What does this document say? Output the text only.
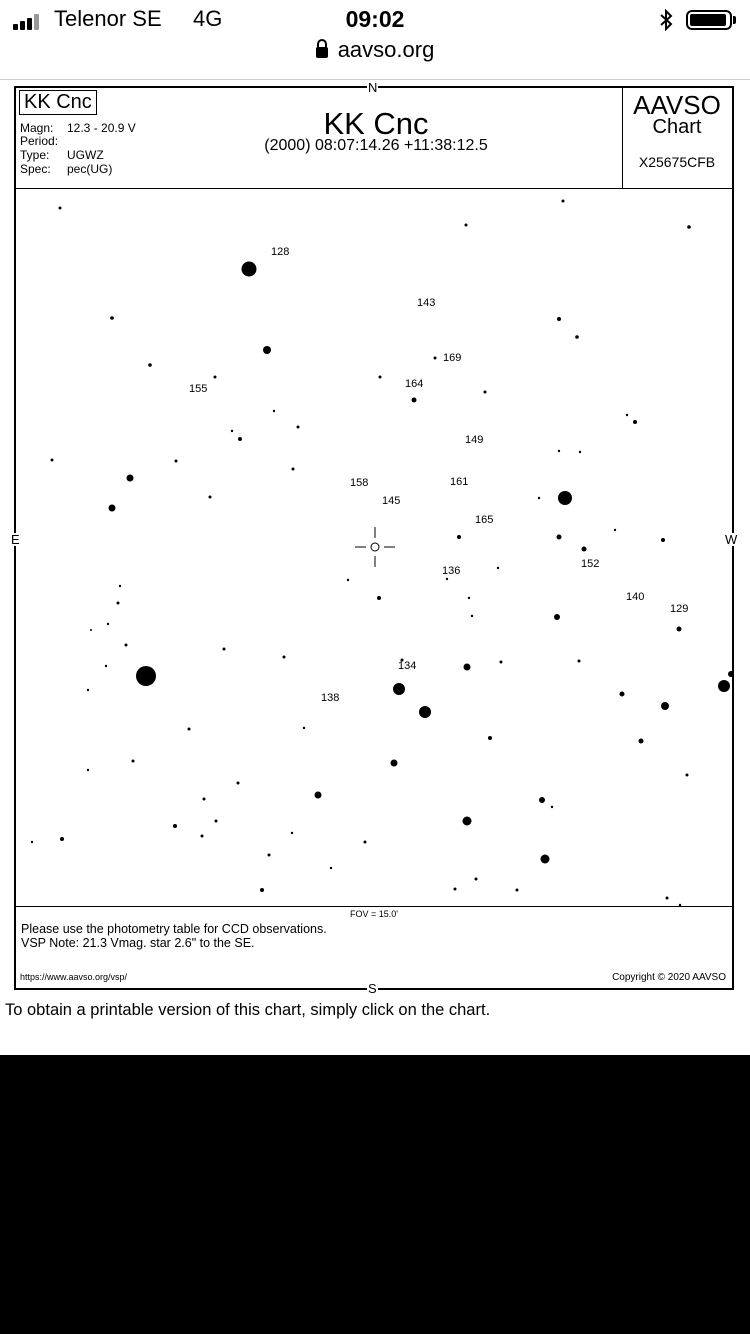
Telenor SE 4G	09:02
aavso.org
KK Cnc
Magn: 12.3 - 20.9 V
Period:
Type: UGWZ
Spec: pec(UG)
KK Cnc
(2000) 08:07:14.26 +11:38:12.5
AAVSO
Chart
X25675CFB
N
S
E	W
128
143
169
164
155
149
158	161
145
165
152
136
140
129
134
138
FOV = 15.0'
Please use the photometry table for CCD observations.
VSP Note: 21.3 Vmag. star 2.6" to the SE.
https://www.aavso.org/vsp/	Copyright © 2020 AAVSO
To obtain a printable version of this chart, simply click on the chart.
